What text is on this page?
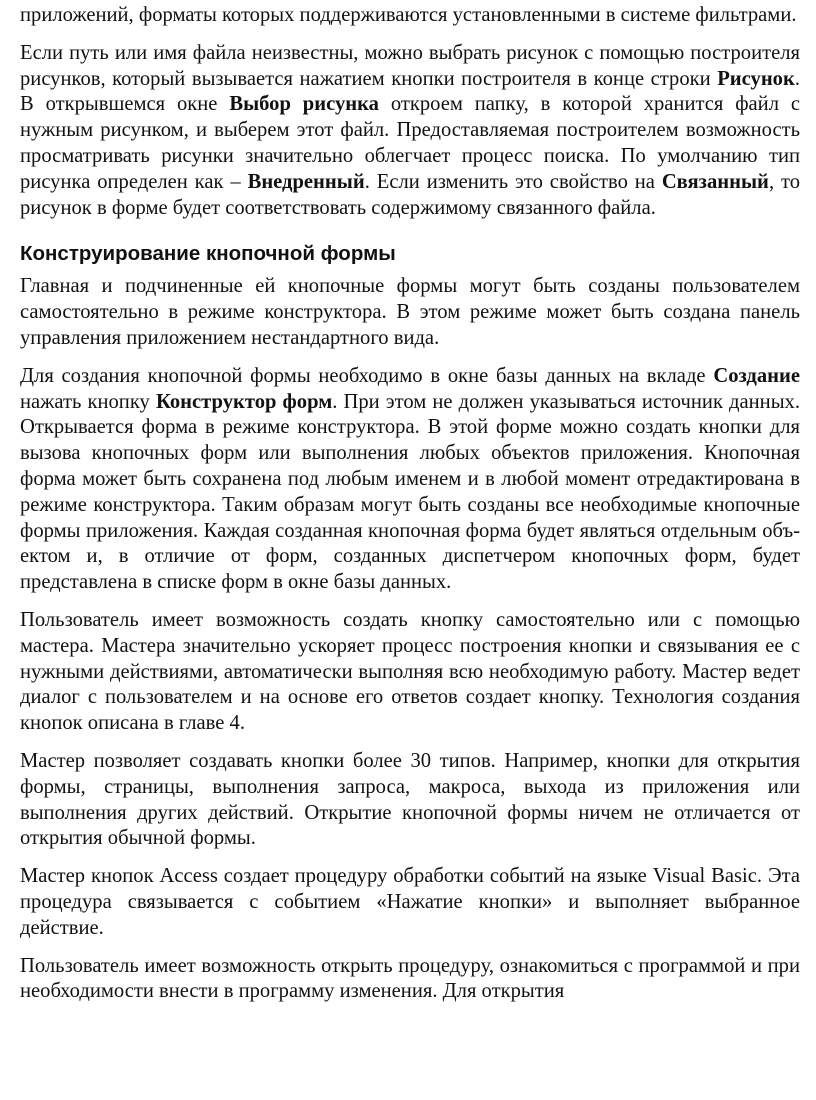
приложений, форматы которых поддерживаются установленными в системе фильтрами.

Если путь или имя файла неизвестны, можно выбрать рисунок с помощью построителя рисунков, который вызывается нажатием кнопки построителя в конце строки Рисунок. В открывшемся окне Выбор рисунка откроем папку, в которой хранится файл с нужным рисунком, и выберем этот файл. Предоставляемая построителем возможность просматривать рисунки значительно облегчает процесс поиска. По умолчанию тип рисунка определен как – Внедренный. Если изменить это свойство на Связанный, то рисунок в форме будет соответствовать содержимому связанного файла.

Конструирование кнопочной формы

Главная и подчиненные ей кнопочные формы могут быть созданы пользователем самостоятельно в режиме конструктора. В этом режиме может быть создана панель управления приложением нестандартного вида.

Для создания кнопочной формы необходимо в окне базы данных на вкладе Создание нажать кнопку Конструктор форм. При этом не должен указываться источник данных. Открывается форма в режиме конструктора. В этой форме можно создать кнопки для вызова кнопочных форм или выполнения любых объектов приложения. Кнопочная форма может быть сохранена под любым именем и в любой момент отредактирована в режиме конструктора. Таким образам могут быть созданы все необходимые кнопочные формы приложения. Каждая созданная кнопочная форма будет являться отдельным объектом и, в отличие от форм, созданных диспетчером кнопочных форм, будет представлена в списке форм в окне базы данных.

Пользователь имеет возможность создать кнопку самостоятельно или с помощью мастера. Мастера значительно ускоряет процесс построения кнопки и связывания ее с нужными действиями, автоматически выполняя всю необходимую работу. Мастер ведет диалог с пользователем и на основе его ответов создает кнопку. Технология создания кнопок описана в главе 4.

Мастер позволяет создавать кнопки более 30 типов. Например, кнопки для открытия формы, страницы, выполнения запроса, макроса, выхода из приложения или выполнения других действий. Открытие кнопочной формы ничем не отличается от открытия обычной формы.

Мастер кнопок Access создает процедуру обработки событий на языке Visual Basic. Эта процедура связывается с событием «Нажатие кнопки» и выполняет выбранное действие.

Пользователь имеет возможность открыть процедуру, ознакомиться с программой и при необходимости внести в программу изменения. Для открытия
